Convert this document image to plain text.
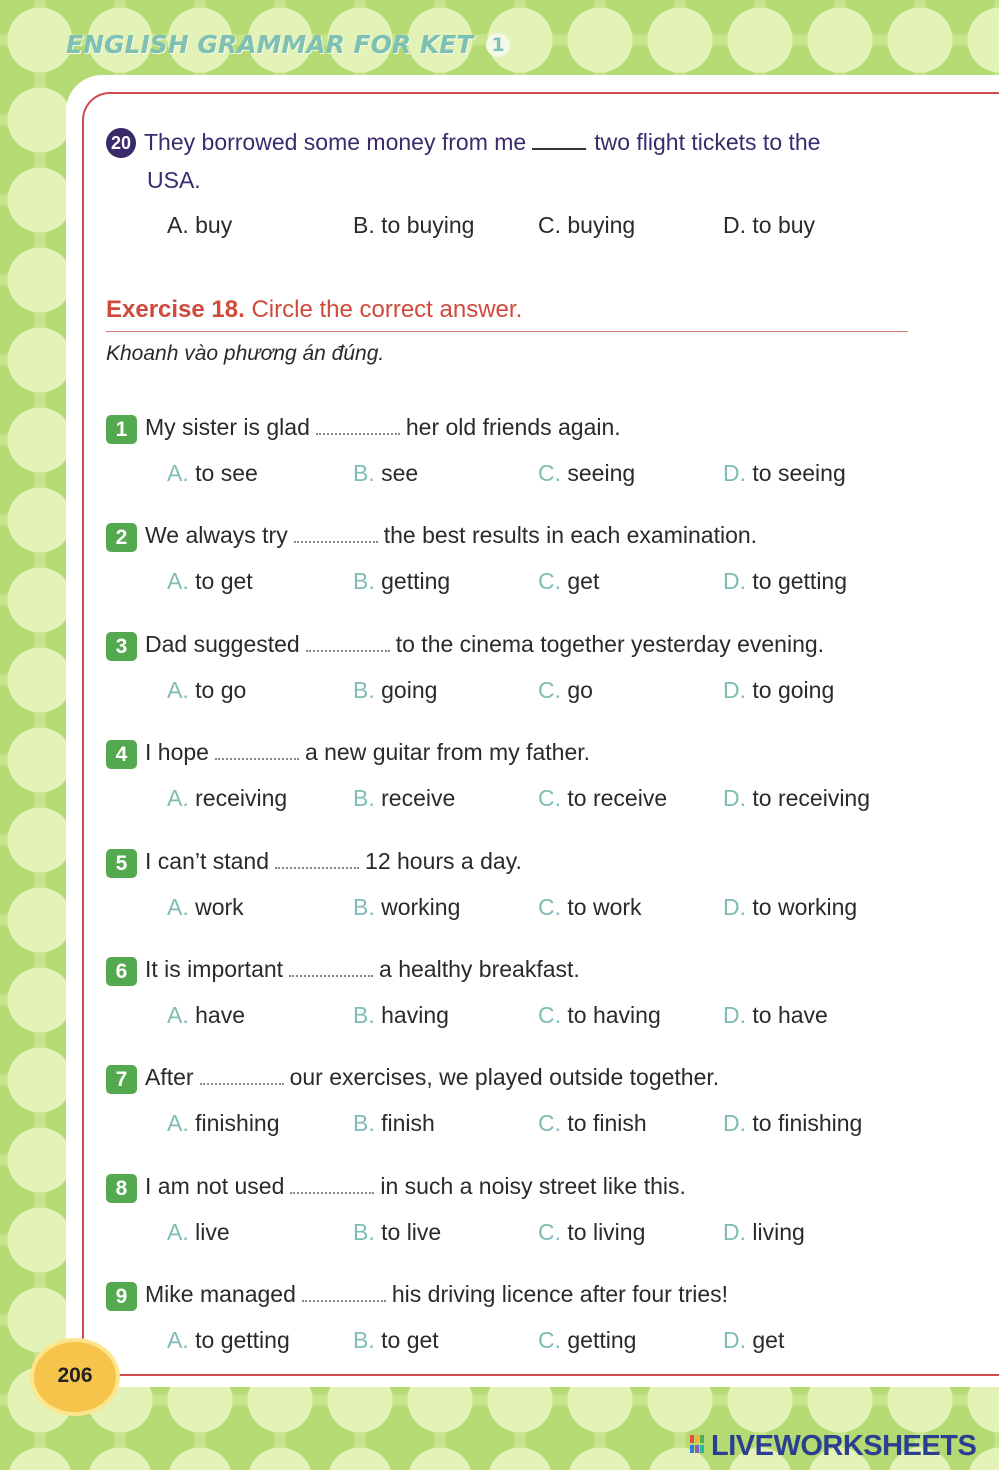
ENGLISH GRAMMAR FOR KET 1
20 They borrowed some money from me	two flight tickets to the
USA.
A. buy	B. to buying	C. buying	D. to buy
Exercise 18. Circle the correct answer.
Khoanh vào phương án đúng.
1 My sister is glad	her old friends again.
A. to see	B. see	C. seeing	D. to seeing
2 We always try	the best results in each examination.
A. to get	B. getting	C. get	D. to getting
3 Dad suggested	to the cinema together yesterday evening.
A. to go	B. going	C. go	D. to going
4 I hope	a new guitar from my father.
A. receiving	B. receive	C. to receive D. to receiving
5 I can’t stand	12 hours a day.
A. work	B. working	C. to work	D. to working
6 It is important	a healthy breakfast.
A. have	B. having	C. to having	D. to have
7 After	our exercises, we played outside together.
A. finishing	B. finish	C. to finish	D. to finishing
8 I am not used	in such a noisy street like this.
A. live	B. to live	C. to living	D. living
9 Mike managed	his driving licence after four tries!
A. to getting	B. to get	C. getting	D. get
206
LIVEWORKSHEETS
